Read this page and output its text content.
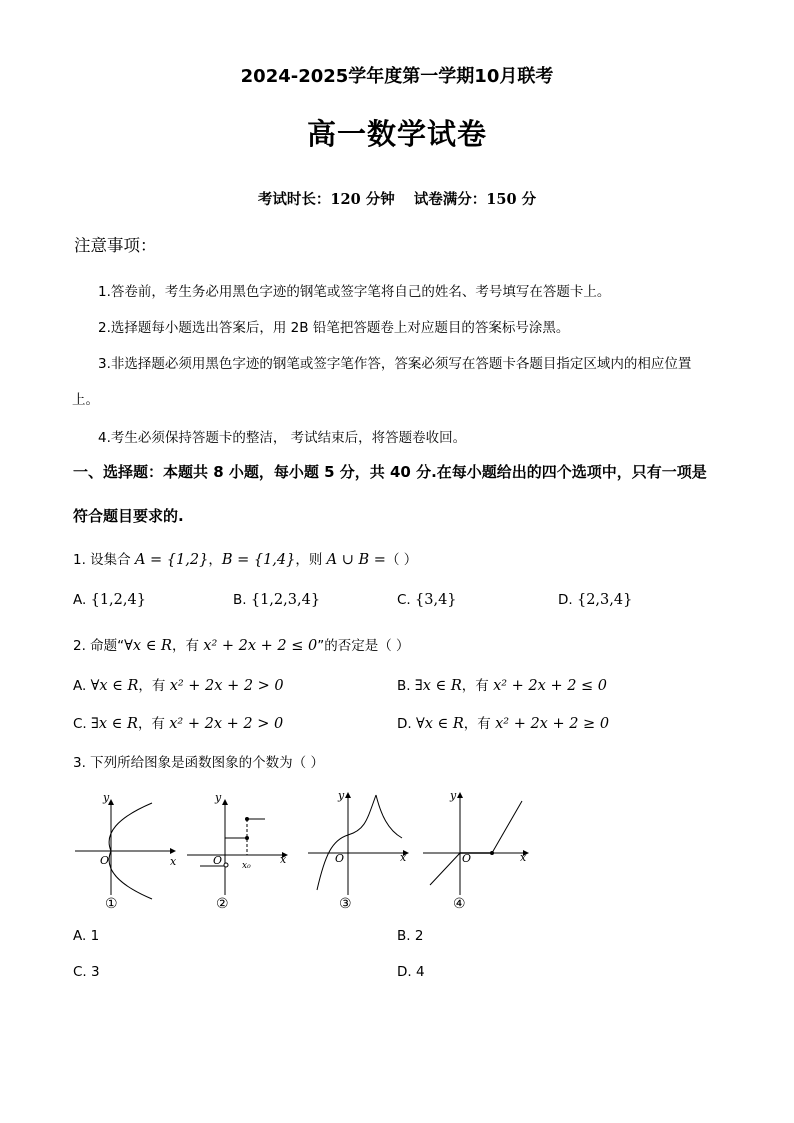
2024-2025学年度第一学期10月联考
高一数学试卷
考试时长：120 分钟 试卷满分：150 分
注意事项：
1.答卷前，考生务必用黑色字迹的钢笔或签字笔将自己的姓名、考号填写在答题卡上。
2.选择题每小题选出答案后，用 2B 铅笔把答题卷上对应题目的答案标号涂黑。
3.非选择题必须用黑色字迹的钢笔或签字笔作答，答案必须写在答题卡各题目指定区域内的相应位置
上。
4.考生必须保持答题卡的整洁， 考试结束后，将答题卷收回。
一、选择题：本题共 8 小题，每小题 5 分，共 40 分.在每小题给出的四个选项中，只有一项是
符合题目要求的.
1. 设集合 A = {1,2}，B = {1,4}，则 A ∪ B =（ ）
A. {1,2,4}	B. {1,2,3,4}	C. {3,4}	D. {2,3,4}
2. 命题“∀x ∈ R，有 x² + 2x + 2 ≤ 0”的否定是（ ）
A. ∀x ∈ R，有 x² + 2x + 2 > 0	B. ∃x ∈ R，有 x² + 2x + 2 ≤ 0
C. ∃x ∈ R，有 x² + 2x + 2 > 0	D. ∀x ∈ R，有 x² + 2x + 2 ≥ 0
3. 下列所给图象是函数图象的个数为（ ）
y
x
O
①
y
x
O x₀
②
y
x
O
③
y
x
O
④
A. 1	B. 2
C. 3	D. 4
